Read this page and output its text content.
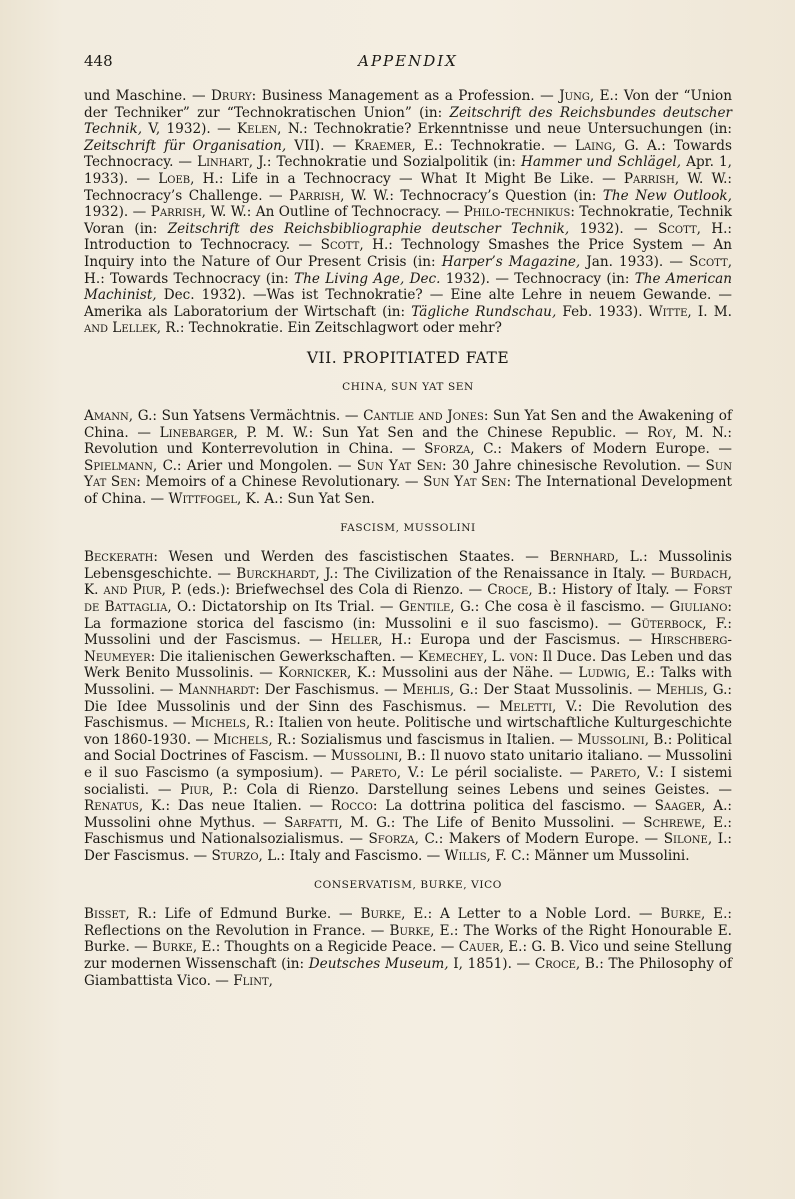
448	APPENDIX

und Maschine. — Drury: Business Management as a Profession. — Jung, E.: Von der “Union der Techniker” zur “Technokratischen Union” (in: Zeitschrift des Reichsbundes deutscher Technik, V, 1932). — Kelen, N.: Technokratie? Erkenntnisse und neue Untersuchungen (in: Zeitschrift für Organisation, VII). — Kraemer, E.: Technokratie. — Laing, G. A.: Towards Technocracy. — Linhart, J.: Technokratie und Sozialpolitik (in: Hammer und Schlägel, Apr. 1, 1933). — Loeb, H.: Life in a Technocracy — What It Might Be Like. — Parrish, W. W.: Technocracy’s Challenge. — Parrish, W. W.: Technocracy’s Question (in: The New Outlook, 1932). — Parrish, W. W.: An Outline of Technocracy. — Philo-technikus: Technokratie, Technik Voran (in: Zeitschrift des Reichsbibliographie deutscher Technik, 1932). — Scott, H.: Introduction to Technocracy. — Scott, H.: Technology Smashes the Price System — An Inquiry into the Nature of Our Present Crisis (in: Harper’s Magazine, Jan. 1933). — Scott, H.: Towards Technocracy (in: The Living Age, Dec. 1932). — Technocracy (in: The American Machinist, Dec. 1932). —Was ist Technokratie? — Eine alte Lehre in neuem Gewande. — Amerika als Laboratorium der Wirtschaft (in: Tägliche Rundschau, Feb. 1933). Witte, I. M. and Lellek, R.: Technokratie. Ein Zeitschlagwort oder mehr?

VII. PROPITIATED FATE
CHINA, SUN YAT SEN

Amann, G.: Sun Yatsens Vermächtnis. — Cantlie and Jones: Sun Yat Sen and the Awakening of China. — Linebarger, P. M. W.: Sun Yat Sen and the Chinese Republic. — Roy, M. N.: Revolution und Konterrevolution in China. — Sforza, C.: Makers of Modern Europe. — Spielmann, C.: Arier und Mongolen. — Sun Yat Sen: 30 Jahre chinesische Revolution. — Sun Yat Sen: Memoirs of a Chinese Revolutionary. — Sun Yat Sen: The International Development of China. — Wittfogel, K. A.: Sun Yat Sen.

FASCISM, MUSSOLINI

Beckerath: Wesen und Werden des fascistischen Staates. — Bernhard, L.: Mussolinis Lebensgeschichte. — Burckhardt, J.: The Civilization of the Renaissance in Italy. — Burdach, K. and Piur, P. (eds.): Briefwechsel des Cola di Rienzo. — Croce, B.: History of Italy. — Forst de Battaglia, O.: Dictatorship on Its Trial. — Gentile, G.: Che cosa è il fascismo. — Giuliano: La formazione storica del fascismo (in: Mussolini e il suo fascismo). — Güterbock, F.: Mussolini und der Fascismus. — Heller, H.: Europa und der Fascismus. — Hirschberg-Neumeyer: Die italienischen Gewerkschaften. — Kemechey, L. von: Il Duce. Das Leben und das Werk Benito Mussolinis. — Kornicker, K.: Mussolini aus der Nähe. — Ludwig, E.: Talks with Mussolini. — Mannhardt: Der Faschismus. — Mehlis, G.: Der Staat Mussolinis. — Mehlis, G.: Die Idee Mussolinis und der Sinn des Faschismus. — Meletti, V.: Die Revolution des Faschismus. — Michels, R.: Italien von heute. Politische und wirtschaftliche Kulturgeschichte von 1860-1930. — Michels, R.: Sozialismus und fascismus in Italien. — Mussolini, B.: Political and Social Doctrines of Fascism. — Mussolini, B.: Il nuovo stato unitario italiano. — Mussolini e il suo Fascismo (a symposium). — Pareto, V.: Le péril socialiste. — Pareto, V.: I sistemi socialisti. — Piur, P.: Cola di Rienzo. Darstellung seines Lebens und seines Geistes. — Renatus, K.: Das neue Italien. — Rocco: La dottrina politica del fascismo. — Saager, A.: Mussolini ohne Mythus. — Sarfatti, M. G.: The Life of Benito Mussolini. — Schrewe, E.: Faschismus und Nationalsozialismus. — Sforza, C.: Makers of Modern Europe. — Silone, I.: Der Fascismus. — Sturzo, L.: Italy and Fascismo. — Willis, F. C.: Männer um Mussolini.

CONSERVATISM, BURKE, VICO

Bisset, R.: Life of Edmund Burke. — Burke, E.: A Letter to a Noble Lord. — Burke, E.: Reflections on the Revolution in France. — Burke, E.: The Works of the Right Honourable E. Burke. — Burke, E.: Thoughts on a Regicide Peace. — Cauer, E.: G. B. Vico und seine Stellung zur modernen Wissenschaft (in: Deutsches Museum, I, 1851). — Croce, B.: The Philosophy of Giambattista Vico. — Flint,
